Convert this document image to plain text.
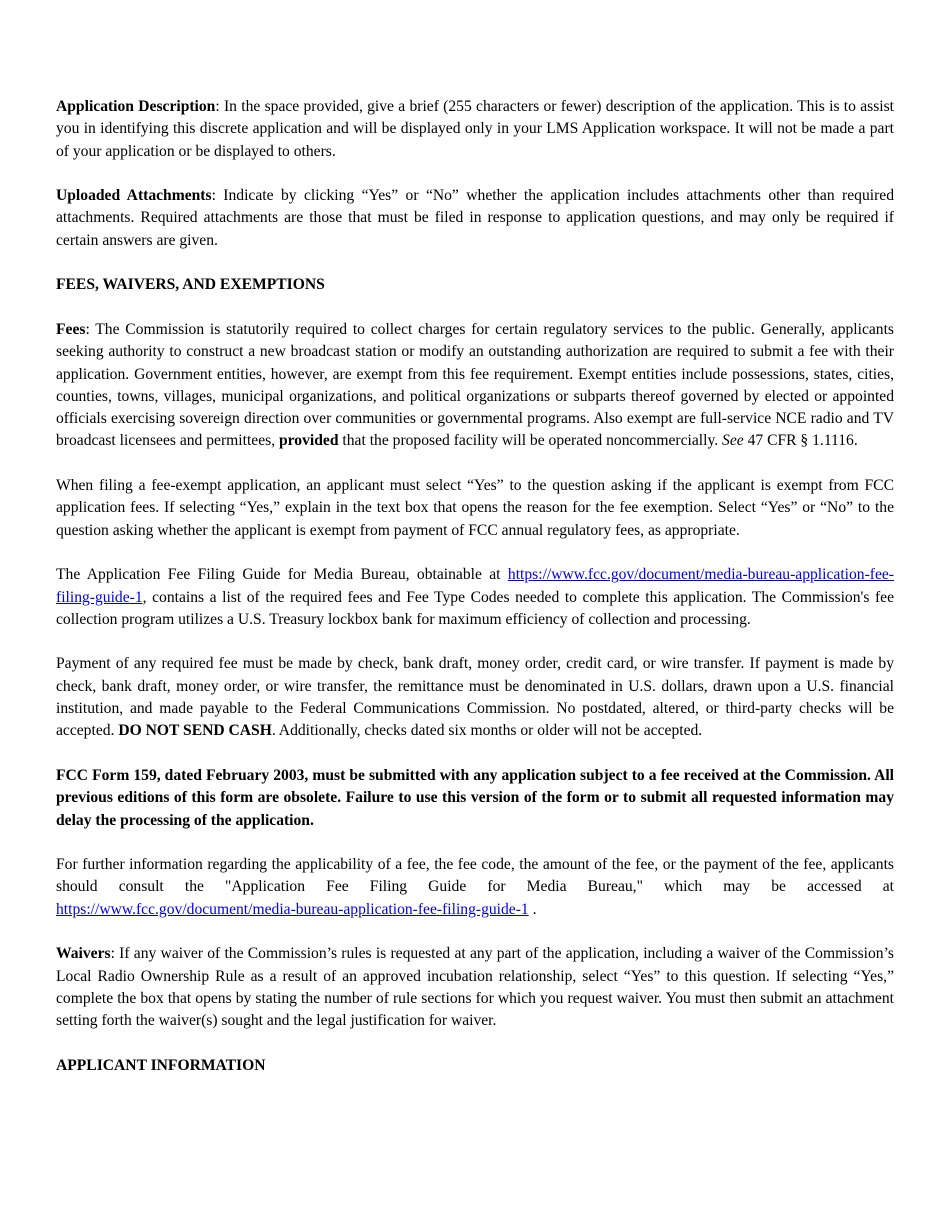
Application Description: In the space provided, give a brief (255 characters or fewer) description of the application. This is to assist you in identifying this discrete application and will be displayed only in your LMS Application workspace. It will not be made a part of your application or be displayed to others.

Uploaded Attachments: Indicate by clicking “Yes” or “No” whether the application includes attachments other than required attachments. Required attachments are those that must be filed in response to application questions, and may only be required if certain answers are given.

FEES, WAIVERS, AND EXEMPTIONS

Fees: The Commission is statutorily required to collect charges for certain regulatory services to the public. Generally, applicants seeking authority to construct a new broadcast station or modify an outstanding authorization are required to submit a fee with their application. Government entities, however, are exempt from this fee requirement. Exempt entities include possessions, states, cities, counties, towns, villages, municipal organizations, and political organizations or subparts thereof governed by elected or appointed officials exercising sovereign direction over communities or governmental programs. Also exempt are full-service NCE radio and TV broadcast licensees and permittees, provided that the proposed facility will be operated noncommercially. See 47 CFR § 1.1116.

When filing a fee-exempt application, an applicant must select “Yes” to the question asking if the applicant is exempt from FCC application fees. If selecting “Yes,” explain in the text box that opens the reason for the fee exemption. Select “Yes” or “No” to the question asking whether the applicant is exempt from payment of FCC annual regulatory fees, as appropriate.

The Application Fee Filing Guide for Media Bureau, obtainable at https://www.fcc.gov/document/media-bureau-application-fee-filing-guide-1, contains a list of the required fees and Fee Type Codes needed to complete this application. The Commission's fee collection program utilizes a U.S. Treasury lockbox bank for maximum efficiency of collection and processing.

Payment of any required fee must be made by check, bank draft, money order, credit card, or wire transfer. If payment is made by check, bank draft, money order, or wire transfer, the remittance must be denominated in U.S. dollars, drawn upon a U.S. financial institution, and made payable to the Federal Communications Commission. No postdated, altered, or third-party checks will be accepted. DO NOT SEND CASH. Additionally, checks dated six months or older will not be accepted.

FCC Form 159, dated February 2003, must be submitted with any application subject to a fee received at the Commission. All previous editions of this form are obsolete. Failure to use this version of the form or to submit all requested information may delay the processing of the application.

For further information regarding the applicability of a fee, the fee code, the amount of the fee, or the payment of the fee, applicants should consult the "Application Fee Filing Guide for Media Bureau," which may be accessed at https://www.fcc.gov/document/media-bureau-application-fee-filing-guide-1 .

Waivers: If any waiver of the Commission’s rules is requested at any part of the application, including a waiver of the Commission’s Local Radio Ownership Rule as a result of an approved incubation relationship, select “Yes” to this question. If selecting “Yes,” complete the box that opens by stating the number of rule sections for which you request waiver. You must then submit an attachment setting forth the waiver(s) sought and the legal justification for waiver.

APPLICANT INFORMATION
